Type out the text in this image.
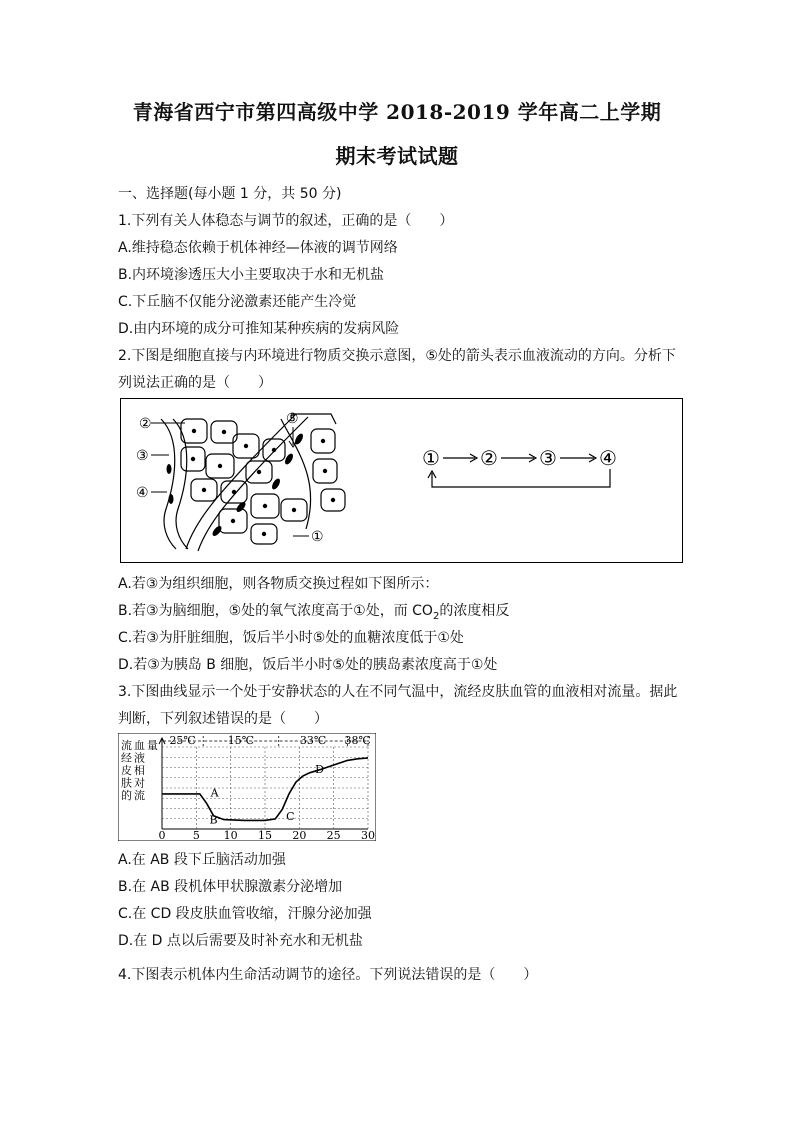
青海省西宁市第四高级中学 2018-2019 学年高二上学期
期末考试试题
一、选择题(每小题 1 分，共 50 分)
1.下列有关人体稳态与调节的叙述，正确的是（　　）
A.维持稳态依赖于机体神经—体液的调节网络
B.内环境渗透压大小主要取决于水和无机盐
C.下丘脑不仅能分泌激素还能产生冷觉
D.由内环境的成分可推知某种疾病的发病风险
2.下图是细胞直接与内环境进行物质交换示意图，⑤处的箭头表示血液流动的方向。分析下
列说法正确的是（　　）
②
③
④
⑤
①
① ② ③ ④
A.若③为组织细胞，则各物质交换过程如下图所示：
B.若③为脑细胞，⑤处的氧气浓度高于①处，而 $CO_2$的浓度相反
C.若③为肝脏细胞，饭后半小时⑤处的血糖浓度低于①处
D.若③为胰岛 B 细胞，饭后半小时⑤处的胰岛素浓度高于①处
3.下图曲线显示一个处于安静状态的人在不同气温中，流经皮肤血管的血液相对流量。据此
判断，下列叙述错误的是（　　）
流
经
皮
肤
的
血
液
相
对
流
量 25℃	15℃	33℃ 38℃
0 5 10 15 20 25 30
A
B	C
D
A.在 AB 段下丘脑活动加强
B.在 AB 段机体甲状腺激素分泌增加
C.在 CD 段皮肤血管收缩，汗腺分泌加强
D.在 D 点以后需要及时补充水和无机盐
4.下图表示机体内生命活动调节的途径。下列说法错误的是（　　）
